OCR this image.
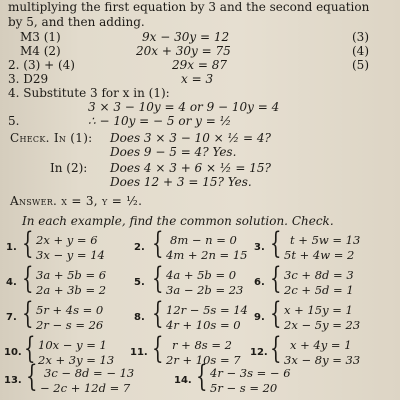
multiplying the first equation by 3 and the second equation
by 5, and then adding.
M3 (1)	9x − 30y = 12	(3)
M4 (2)	20x + 30y = 75	(4)
2. (3) + (4)	29x = 87	(5)
3. D29	x = 3
4. Substitute 3 for x in (1):
3 × 3 − 10y = 4 or 9 − 10y = 4
5.	∴ − 10y = − 5 or y = ½
Check. In (1): Does 3 × 3 − 10 × ½ = 4?
Does 9 − 5 = 4? Yes.
In (2): Does 4 × 3 + 6 × ½ = 15?
Does 12 + 3 = 15? Yes.
Answer. x = 3, y = ½.
In each example, find the common solution. Check.
1. { 2x + y = 6
3x − y = 14
2. { 8m − n = 0
4m + 2n = 15
3. { t + 5w = 13
5t + 4w = 2
4. { 3a + 5b = 6
2a + 3b = 2
5. { 4a + 5b = 0
3a − 2b = 23
6. { 3c + 8d = 3
2c + 5d = 1
7. { 5r + 4s = 0
2r − s = 26
8. { 12r − 5s = 14
4r + 10s = 0
9. { x + 15y = 1
2x − 5y = 23
10. { 10x − y = 1
2x + 3y = 13
11. { r + 8s = 2
2r + 10s = 7
12. { x + 4y = 1
3x − 8y = 33
13. { 3c − 8d = − 13
− 2c + 12d = 7
14. { 4r − 3s = − 6
5r − s = 20
